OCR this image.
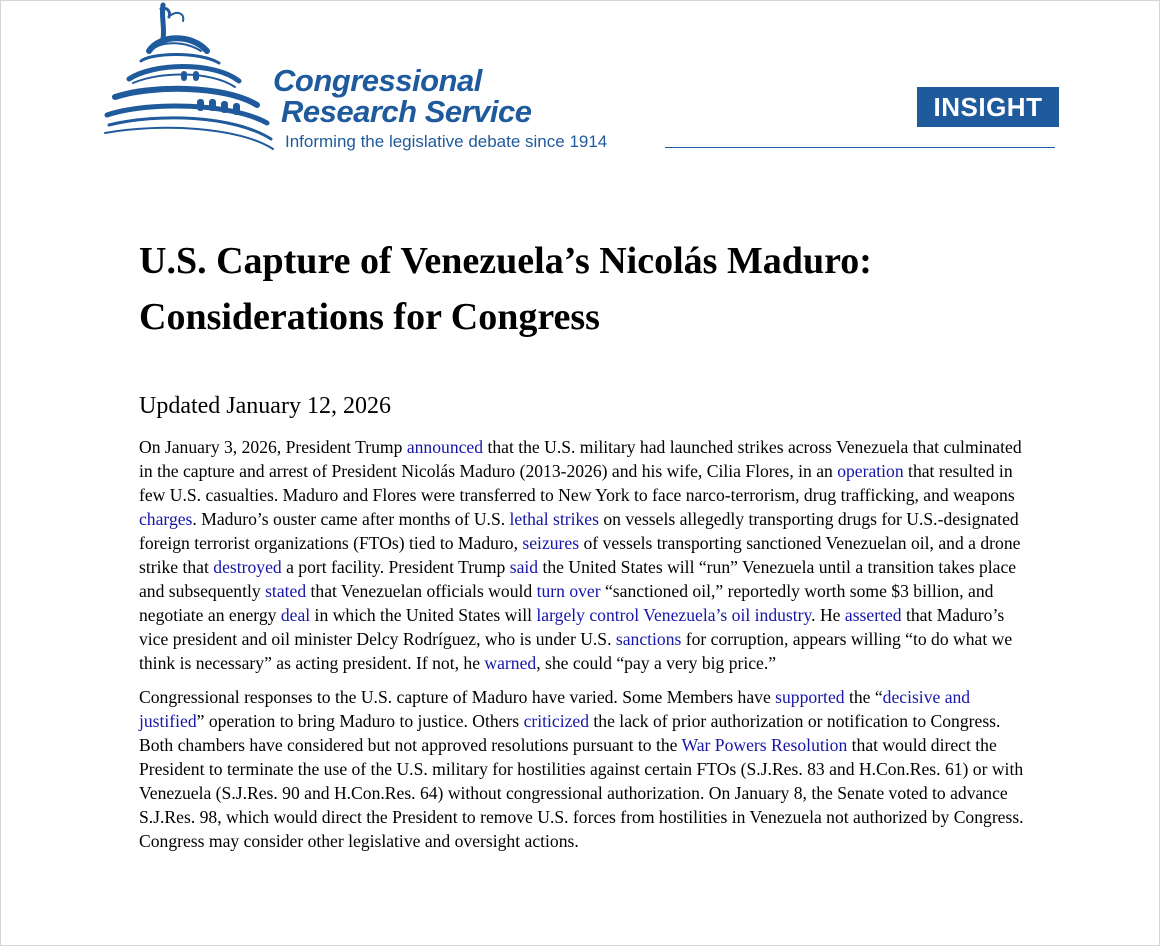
Congressional
Research Service
Informing the legislative debate since 1914
INSIGHT
U.S. Capture of Venezuela’s Nicolás Maduro:
Considerations for Congress
Updated January 12, 2026

On January 3, 2026, President Trump announced that the U.S. military had launched strikes across Venezuela that culminated in the capture and arrest of President Nicolás Maduro (2013-2026) and his wife, Cilia Flores, in an operation that resulted in few U.S. casualties. Maduro and Flores were transferred to New York to face narco-terrorism, drug trafficking, and weapons charges. Maduro’s ouster came after months of U.S. lethal strikes on vessels allegedly transporting drugs for U.S.-designated foreign terrorist organizations (FTOs) tied to Maduro, seizures of vessels transporting sanctioned Venezuelan oil, and a drone strike that destroyed a port facility. President Trump said the United States will “run” Venezuela until a transition takes place and subsequently stated that Venezuelan officials would turn over “sanctioned oil,” reportedly worth some $3 billion, and negotiate an energy deal in which the United States will largely control Venezuela’s oil industry. He asserted that Maduro’s vice president and oil minister Delcy Rodríguez, who is under U.S. sanctions for corruption, appears willing “to do what we think is necessary” as acting president. If not, he warned, she could “pay a very big price.”

Congressional responses to the U.S. capture of Maduro have varied. Some Members have supported the “decisive and justified” operation to bring Maduro to justice. Others criticized the lack of prior authorization or notification to Congress. Both chambers have considered but not approved resolutions pursuant to the War Powers Resolution that would direct the President to terminate the use of the U.S. military for hostilities against certain FTOs (S.J.Res. 83 and H.Con.Res. 61) or with Venezuela (S.J.Res. 90 and H.Con.Res. 64) without congressional authorization. On January 8, the Senate voted to advance S.J.Res. 98, which would direct the President to remove U.S. forces from hostilities in Venezuela not authorized by Congress. Congress may consider other legislative and oversight actions.
